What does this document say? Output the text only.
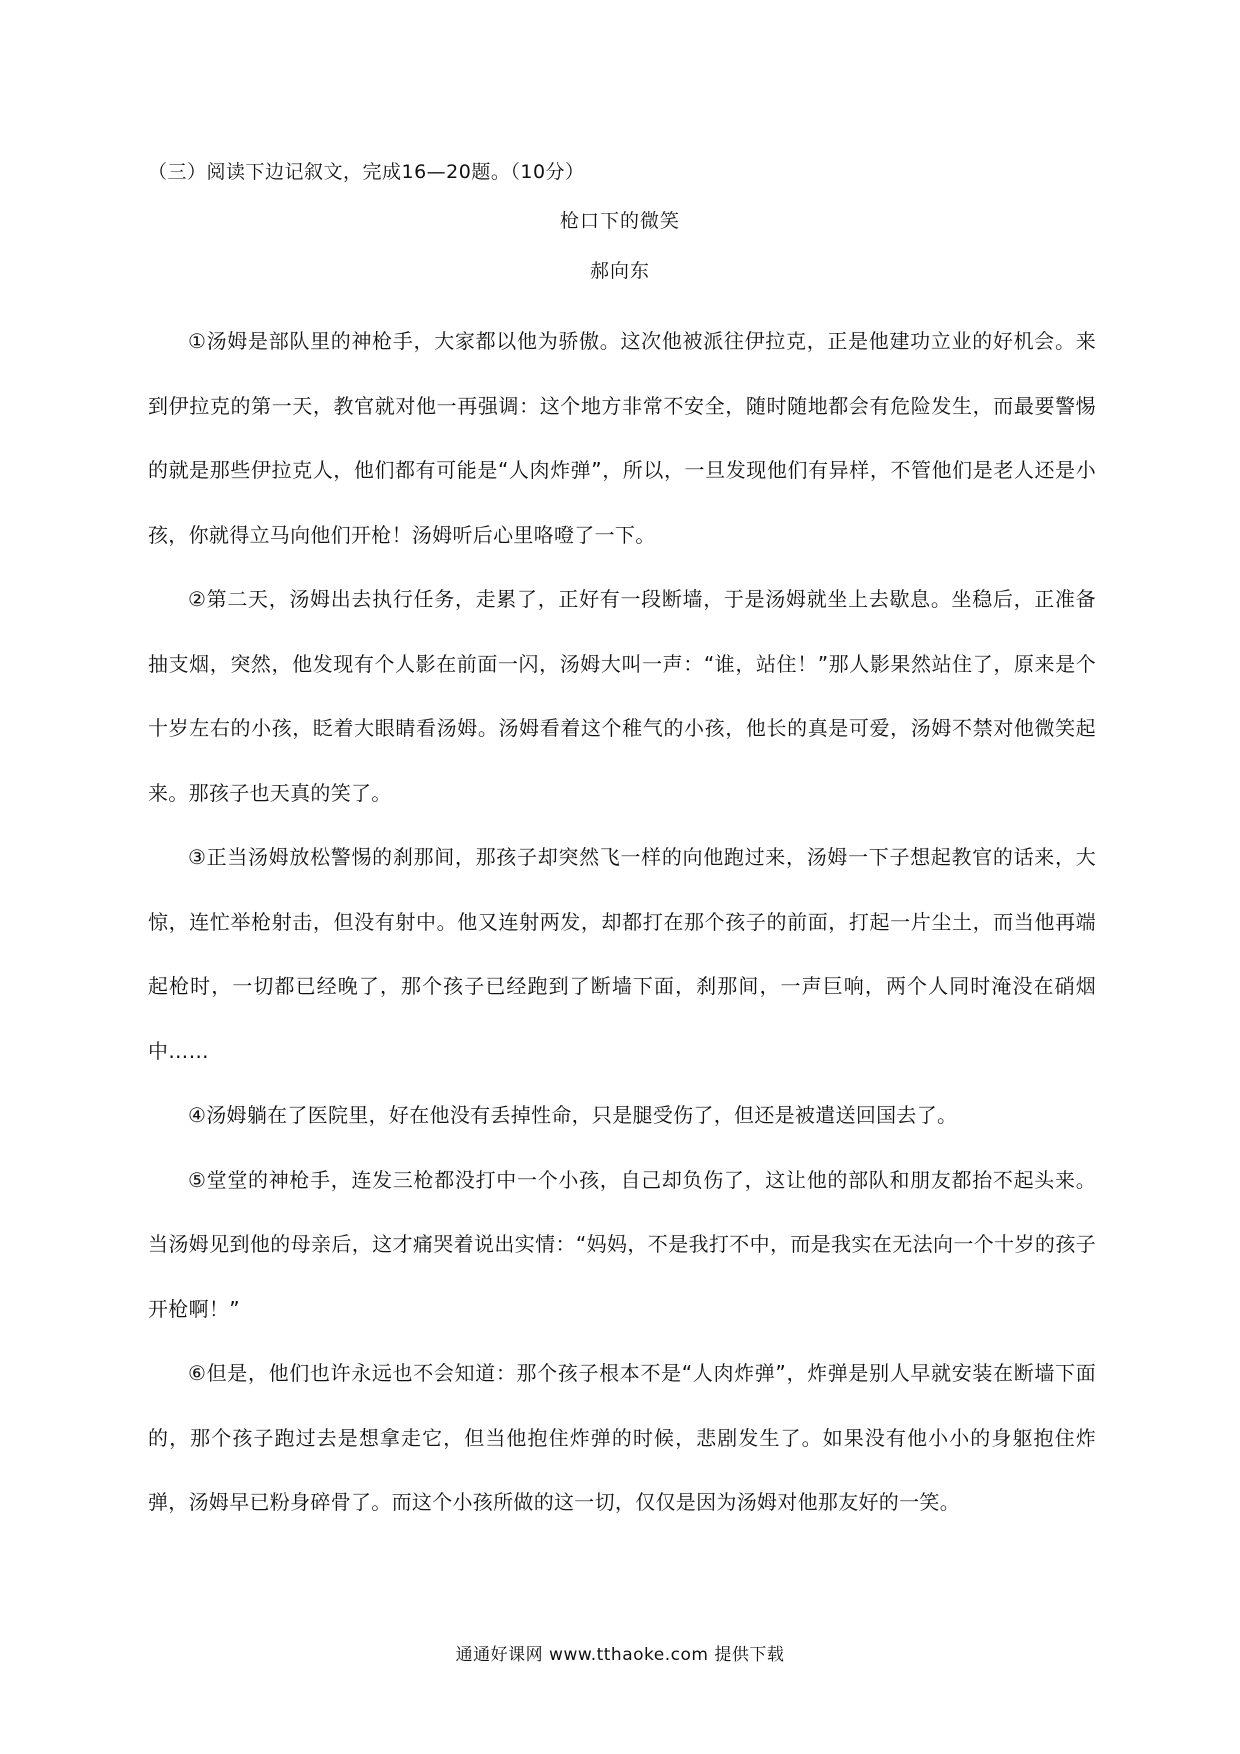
（三）阅读下边记叙文，完成16—20题。（10分）
枪口下的微笑
郝向东

①汤姆是部队里的神枪手，大家都以他为骄傲。这次他被派往伊拉克，正是他建功立业的好机会。来到伊拉克的第一天，教官就对他一再强调：这个地方非常不安全，随时随地都会有危险发生，而最要警惕的就是那些伊拉克人，他们都有可能是“人肉炸弹”，所以，一旦发现他们有异样，不管他们是老人还是小孩，你就得立马向他们开枪！汤姆听后心里咯噔了一下。

②第二天，汤姆出去执行任务，走累了，正好有一段断墙，于是汤姆就坐上去歇息。坐稳后，正准备抽支烟，突然，他发现有个人影在前面一闪，汤姆大叫一声：“谁，站住！”那人影果然站住了，原来是个十岁左右的小孩，眨着大眼睛看汤姆。汤姆看着这个稚气的小孩，他长的真是可爱，汤姆不禁对他微笑起来。那孩子也天真的笑了。

③正当汤姆放松警惕的刹那间，那孩子却突然飞一样的向他跑过来，汤姆一下子想起教官的话来，大惊，连忙举枪射击，但没有射中。他又连射两发，却都打在那个孩子的前面，打起一片尘土，而当他再端起枪时，一切都已经晚了，那个孩子已经跑到了断墙下面，刹那间，一声巨响，两个人同时淹没在硝烟中……

④汤姆躺在了医院里，好在他没有丢掉性命，只是腿受伤了，但还是被遣送回国去了。

⑤堂堂的神枪手，连发三枪都没打中一个小孩，自己却负伤了，这让他的部队和朋友都抬不起头来。当汤姆见到他的母亲后，这才痛哭着说出实情：“妈妈，不是我打不中，而是我实在无法向一个十岁的孩子开枪啊！”

⑥但是，他们也许永远也不会知道：那个孩子根本不是“人肉炸弹”，炸弹是别人早就安装在断墙下面的，那个孩子跑过去是想拿走它，但当他抱住炸弹的时候，悲剧发生了。如果没有他小小的身躯抱住炸弹，汤姆早已粉身碎骨了。而这个小孩所做的这一切，仅仅是因为汤姆对他那友好的一笑。

通通好课网 www.tthaoke.com 提供下载
